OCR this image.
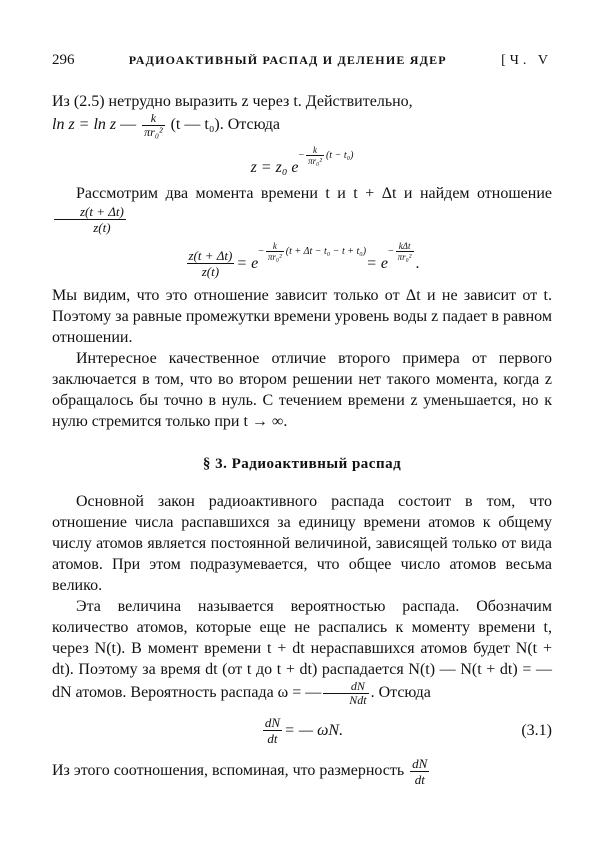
296	РАДИОАКТИВНЫЙ РАСПАД И ДЕЛЕНИЕ ЯДЕР	[Ч. V

Из (2.5) нетрудно выразить z через t. Действительно,
ln z = ln z — $\frac{k}{\text{πr₀²}} (t$ — t₀). Отсюда

z = z₀ $e^{- \frac{k}{\text{πr₀²}} (t - t_0)}$

Рассмотрим два момента времени t и t + Δt и найдем отношение
$\frac{z(t + \Delta t)}{z(t)}$

$\frac{z(t + \Delta t)}{z(t)} = e^{- \frac{k}{\text{πr₀²}} (t + \Delta t - t_0 - t + t_0)}= e^{- \frac{\text{kΔt}}{\text{πr₀²}}}$
.

Мы видим, что это отношение зависит только от Δt и не зависит от t. Поэтому за равные промежутки времени уровень воды z падает в равном отношении.

Интересное качественное отличие второго примера от первого заключается в том, что во втором решении нет такого момента, когда z обращалось бы точно в нуль. С течением времени z уменьшается, но к нулю стремится только при t → ∞.

§ 3. Радиоактивный распад

Основной закон радиоактивного распада состоит в том, что отношение числа распавшихся за единицу времени атомов к общему числу атомов является постоянной величиной, зависящей только от вида атомов. При этом подразумевается, что общее число атомов весьма велико.

Эта величина называется вероятностью распада. Обозначим количество атомов, которые еще не распались к моменту времени t, через N(t). В момент времени t + dt нераспавшихся атомов будет N(t + dt). Поэтому за время dt (от t до t + dt) распадается N(t) — N(t + dt) = — dN атомов. Вероятность распада ω = — $\frac{dN}{\text{Ndt}}$ . Отсюда

$\frac{dN}{dt}$ = — ωN.	(3.1)

Из этого соотношения, вспоминая, что размерность $\frac{dN}{dt}$
